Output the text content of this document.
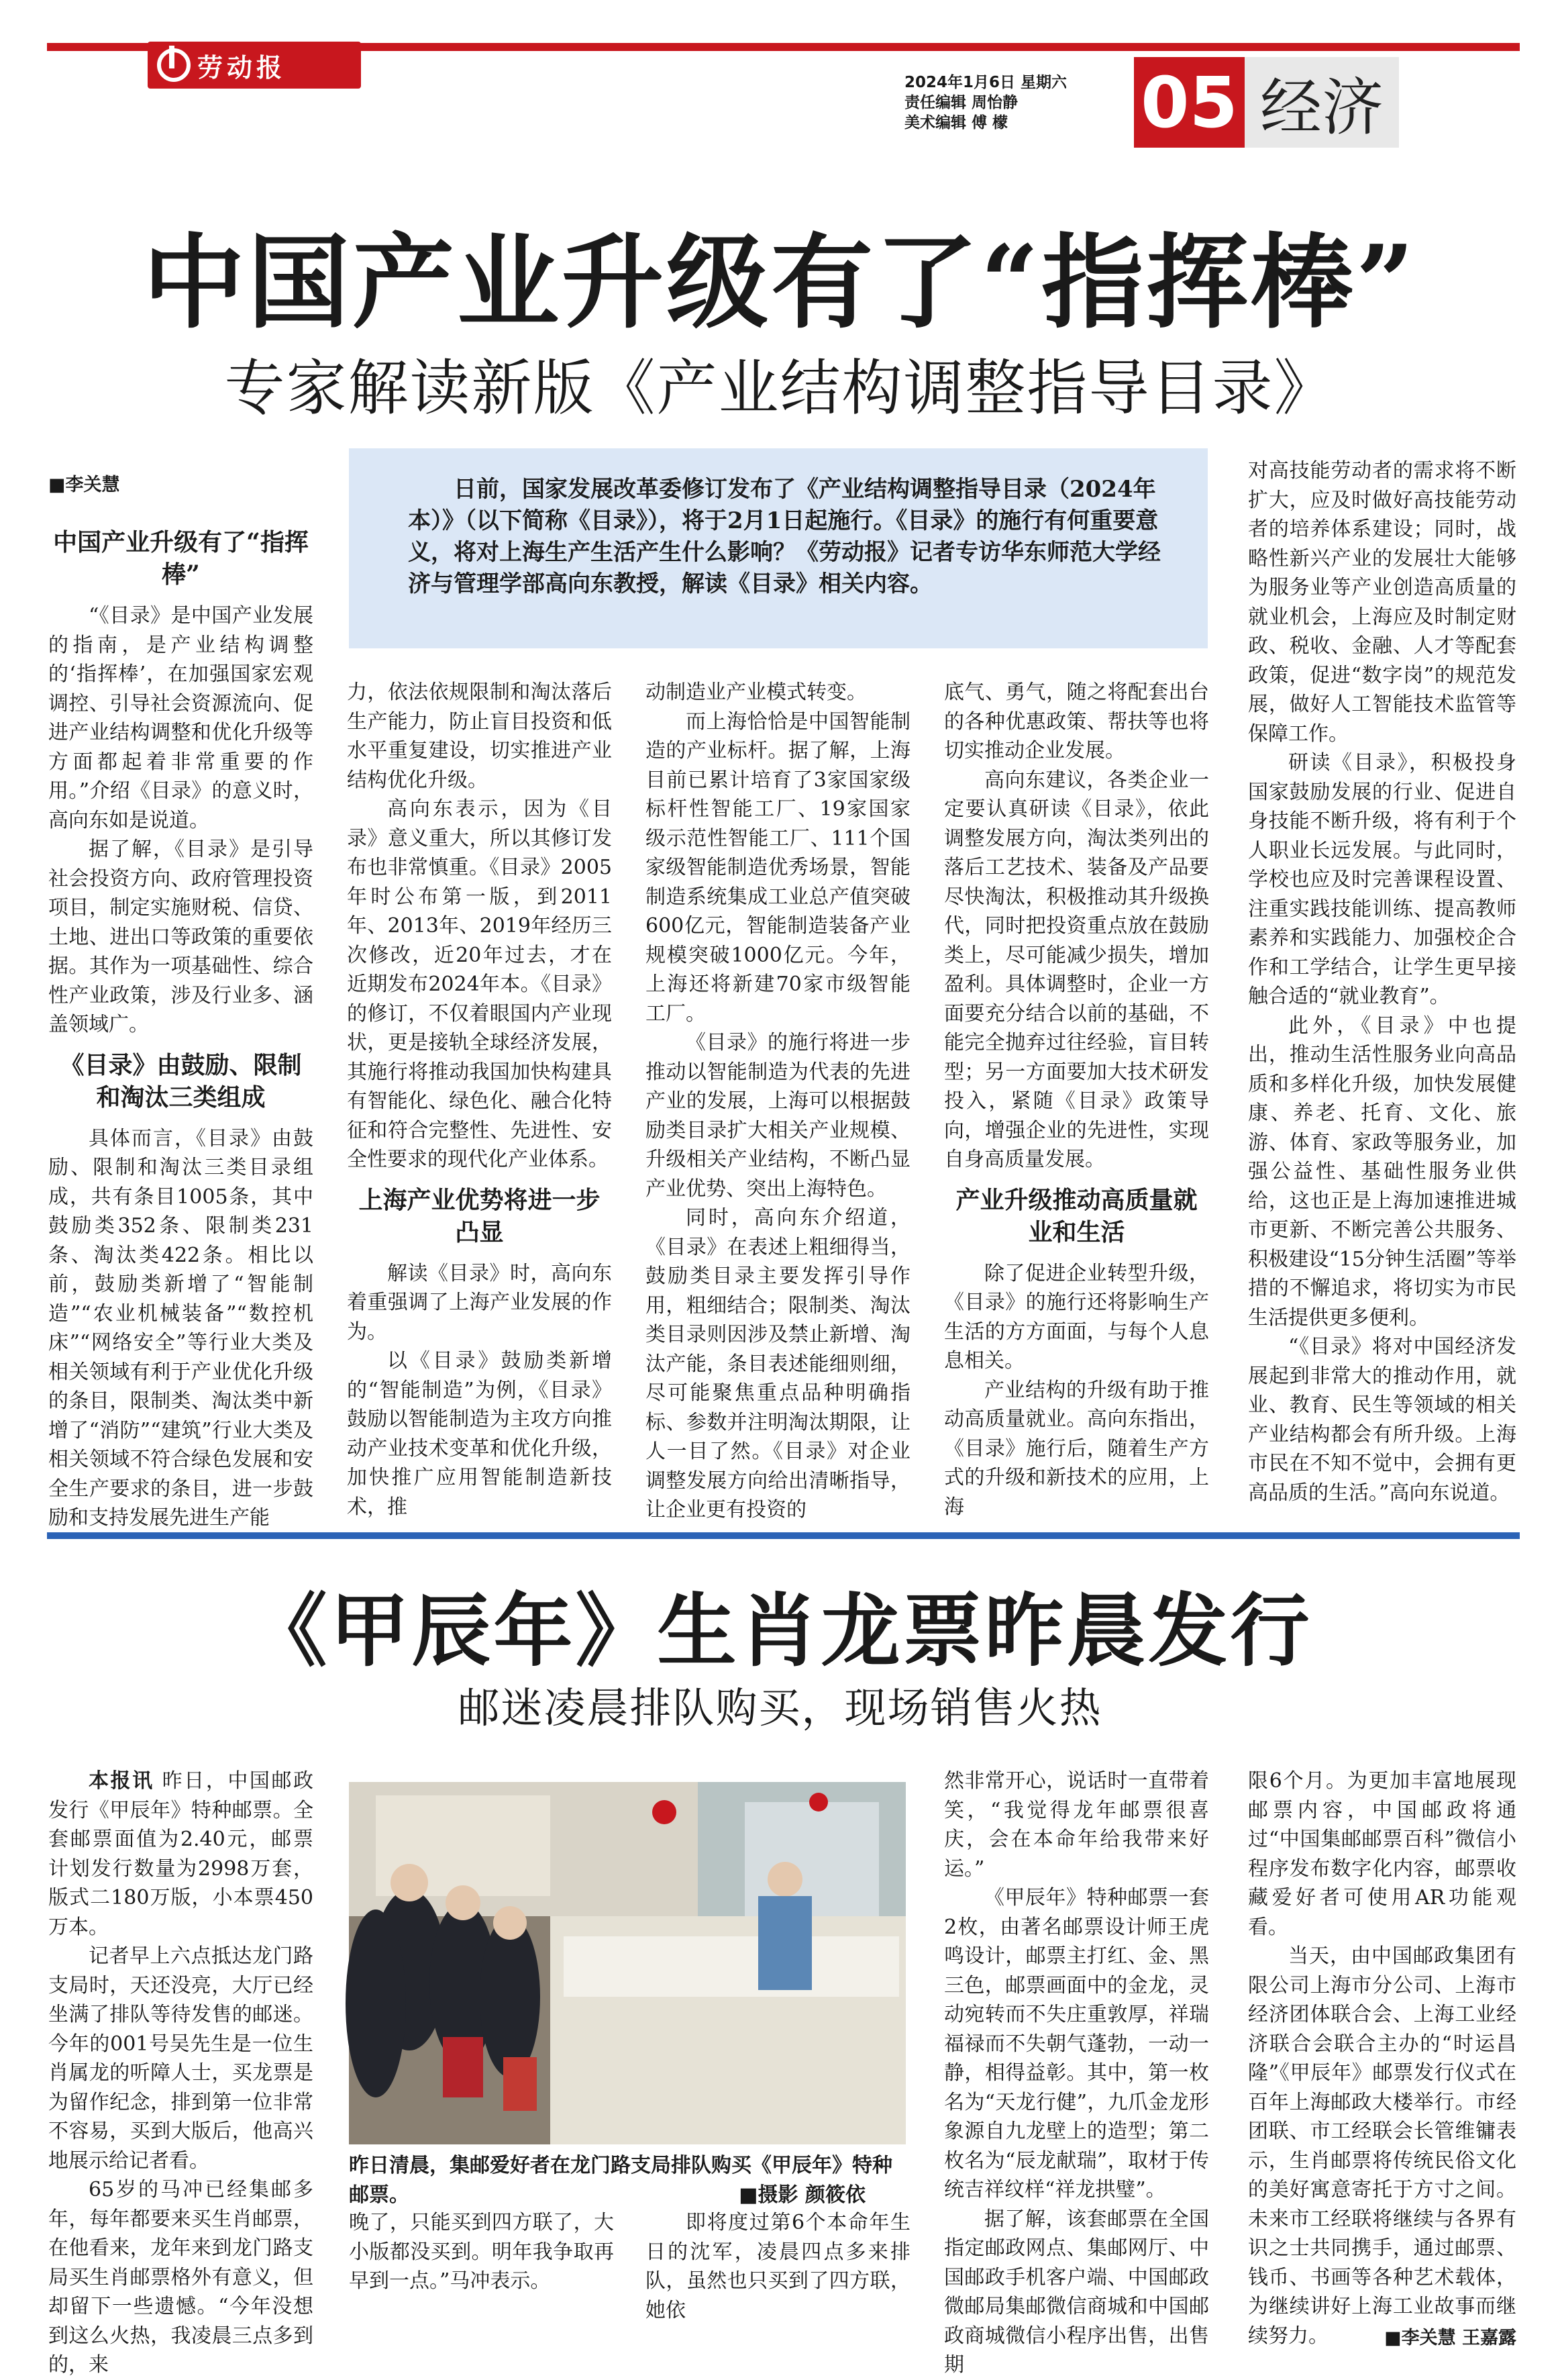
劳动报
2024年1月6日 星期六
责任编辑 周怡静
美术编辑 傅 檬	05 经济
中国产业升级有了“指挥棒”
专家解读新版《产业结构调整指导目录》
■李关慧	日前，国家发展改革委修订发布了《产业结构调整指导目录（2024年本）》（以下简称《目录》），将于2月1日起施行。《目录》的施行有何重要意义，将对上海生产生活产生什么影响？《劳动报》记者专访华东师范大学经济与管理学部高向东教授，解读《目录》相关内容。
中国产业升级有了“指挥棒”

“《目录》是中国产业发展的指南，是产业结构调整的‘指挥棒’，在加强国家宏观调控、引导社会资源流向、促进产业结构调整和优化升级等方面都起着非常重要的作用。”介绍《目录》的意义时，高向东如是说道。

据了解，《目录》是引导社会投资方向、政府管理投资项目，制定实施财税、信贷、土地、进出口等政策的重要依据。其作为一项基础性、综合性产业政策，涉及行业多、涵盖领域广。

《目录》由鼓励、限制和淘汰三类组成

具体而言，《目录》由鼓励、限制和淘汰三类目录组成，共有条目1005条，其中鼓励类352条、限制类231条、淘汰类422条。相比以前，鼓励类新增了“智能制造”“农业机械装备”“数控机床”“网络安全”等行业大类及相关领域有利于产业优化升级的条目，限制类、淘汰类中新增了“消防”“建筑”行业大类及相关领域不符合绿色发展和安全生产要求的条目，进一步鼓励和支持发展先进生产能

力，依法依规限制和淘汰落后生产能力，防止盲目投资和低水平重复建设，切实推进产业结构优化升级。

高向东表示，因为《目录》意义重大，所以其修订发布也非常慎重。《目录》2005年时公布第一版，到2011年、2013年、2019年经历三次修改，近20年过去，才在近期发布2024年本。《目录》的修订，不仅着眼国内产业现状，更是接轨全球经济发展，其施行将推动我国加快构建具有智能化、绿色化、融合化特征和符合完整性、先进性、安全性要求的现代化产业体系。

上海产业优势将进一步凸显

解读《目录》时，高向东着重强调了上海产业发展的作为。

以《目录》鼓励类新增的“智能制造”为例，《目录》鼓励以智能制造为主攻方向推动产业技术变革和优化升级，加快推广应用智能制造新技术，推

动制造业产业模式转变。

而上海恰恰是中国智能制造的产业标杆。据了解，上海目前已累计培育了3家国家级标杆性智能工厂、19家国家级示范性智能工厂、111个国家级智能制造优秀场景，智能制造系统集成工业总产值突破600亿元，智能制造装备产业规模突破1000亿元。今年，上海还将新建70家市级智能工厂。

《目录》的施行将进一步推动以智能制造为代表的先进产业的发展，上海可以根据鼓励类目录扩大相关产业规模、升级相关产业结构，不断凸显产业优势、突出上海特色。

同时，高向东介绍道，《目录》在表述上粗细得当，鼓励类目录主要发挥引导作用，粗细结合；限制类、淘汰类目录则因涉及禁止新增、淘汰产能，条目表述能细则细，尽可能聚焦重点品种明确指标、参数并注明淘汰期限，让人一目了然。《目录》对企业调整发展方向给出清晰指导，让企业更有投资的

底气、勇气，随之将配套出台的各种优惠政策、帮扶等也将切实推动企业发展。

高向东建议，各类企业一定要认真研读《目录》，依此调整发展方向，淘汰类列出的落后工艺技术、装备及产品要尽快淘汰，积极推动其升级换代，同时把投资重点放在鼓励类上，尽可能减少损失，增加盈利。具体调整时，企业一方面要充分结合以前的基础，不能完全抛弃过往经验，盲目转型；另一方面要加大技术研发投入，紧随《目录》政策导向，增强企业的先进性，实现自身高质量发展。

产业升级推动高质量就业和生活

除了促进企业转型升级，《目录》的施行还将影响生产生活的方方面面，与每个人息息相关。

产业结构的升级有助于推动高质量就业。高向东指出，《目录》施行后，随着生产方式的升级和新技术的应用，上海

对高技能劳动者的需求将不断扩大，应及时做好高技能劳动者的培养体系建设；同时，战略性新兴产业的发展壮大能够为服务业等产业创造高质量的就业机会，上海应及时制定财政、税收、金融、人才等配套政策，促进“数字岗”的规范发展，做好人工智能技术监管等保障工作。

研读《目录》，积极投身国家鼓励发展的行业、促进自身技能不断升级，将有利于个人职业长远发展。与此同时，学校也应及时完善课程设置、注重实践技能训练、提高教师素养和实践能力、加强校企合作和工学结合，让学生更早接触合适的“就业教育”。

此外，《目录》中也提出，推动生活性服务业向高品质和多样化升级，加快发展健康、养老、托育、文化、旅游、体育、家政等服务业，加强公益性、基础性服务业供给，这也正是上海加速推进城市更新、不断完善公共服务、积极建设“15分钟生活圈”等举措的不懈追求，将切实为市民生活提供更多便利。

“《目录》将对中国经济发展起到非常大的推动作用，就业、教育、民生等领域的相关产业结构都会有所升级。上海市民在不知不觉中，会拥有更高品质的生活。”高向东说道。

《甲辰年》生肖龙票昨晨发行
邮迷凌晨排队购买，现场销售火热

本报讯 昨日，中国邮政发行《甲辰年》特种邮票。全套邮票面值为2.40元，邮票计划发行数量为2998万套，版式二180万版，小本票450万本。

记者早上六点抵达龙门路支局时，天还没亮，大厅已经坐满了排队等待发售的邮迷。今年的001号吴先生是一位生肖属龙的听障人士，买龙票是为留作纪念，排到第一位非常不容易，买到大版后，他高兴地展示给记者看。

65岁的马冲已经集邮多年，每年都要来买生肖邮票，在他看来，龙年来到龙门路支局买生肖邮票格外有意义，但却留下一些遗憾。“今年没想到这么火热，我凌晨三点多到的，来

昨日清晨，集邮爱好者在龙门路支局排队购买《甲辰年》特种邮票。	■摄影 颜筱依

晚了，只能买到四方联了，大小版都没买到。明年我争取再早到一点。”马冲表示。

即将度过第6个本命年生日的沈军，凌晨四点多来排队，虽然也只买到了四方联，她依

然非常开心，说话时一直带着笑，“我觉得龙年邮票很喜庆，会在本命年给我带来好运。”

《甲辰年》特种邮票一套2枚，由著名邮票设计师王虎鸣设计，邮票主打红、金、黑三色，邮票画面中的金龙，灵动宛转而不失庄重敦厚，祥瑞福禄而不失朝气蓬勃，一动一静，相得益彰。其中，第一枚名为“天龙行健”，九爪金龙形象源自九龙壁上的造型；第二枚名为“辰龙献瑞”，取材于传统吉祥纹样“祥龙拱璧”。

据了解，该套邮票在全国指定邮政网点、集邮网厅、中国邮政手机客户端、中国邮政微邮局集邮微信商城和中国邮政商城微信小程序出售，出售期

限6个月。为更加丰富地展现邮票内容，中国邮政将通过“中国集邮邮票百科”微信小程序发布数字化内容，邮票收藏爱好者可使用AR功能观看。

当天，由中国邮政集团有限公司上海市分公司、上海市经济团体联合会、上海工业经济联合会联合主办的“时运昌隆”《甲辰年》邮票发行仪式在百年上海邮政大楼举行。市经团联、市工经联会长管维镛表示，生肖邮票将传统民俗文化的美好寓意寄托于方寸之间。未来市工经联将继续与各界有识之士共同携手，通过邮票、钱币、书画等各种艺术载体，为继续讲好上海工业故事而继续努力。	■李关慧 王嘉露
